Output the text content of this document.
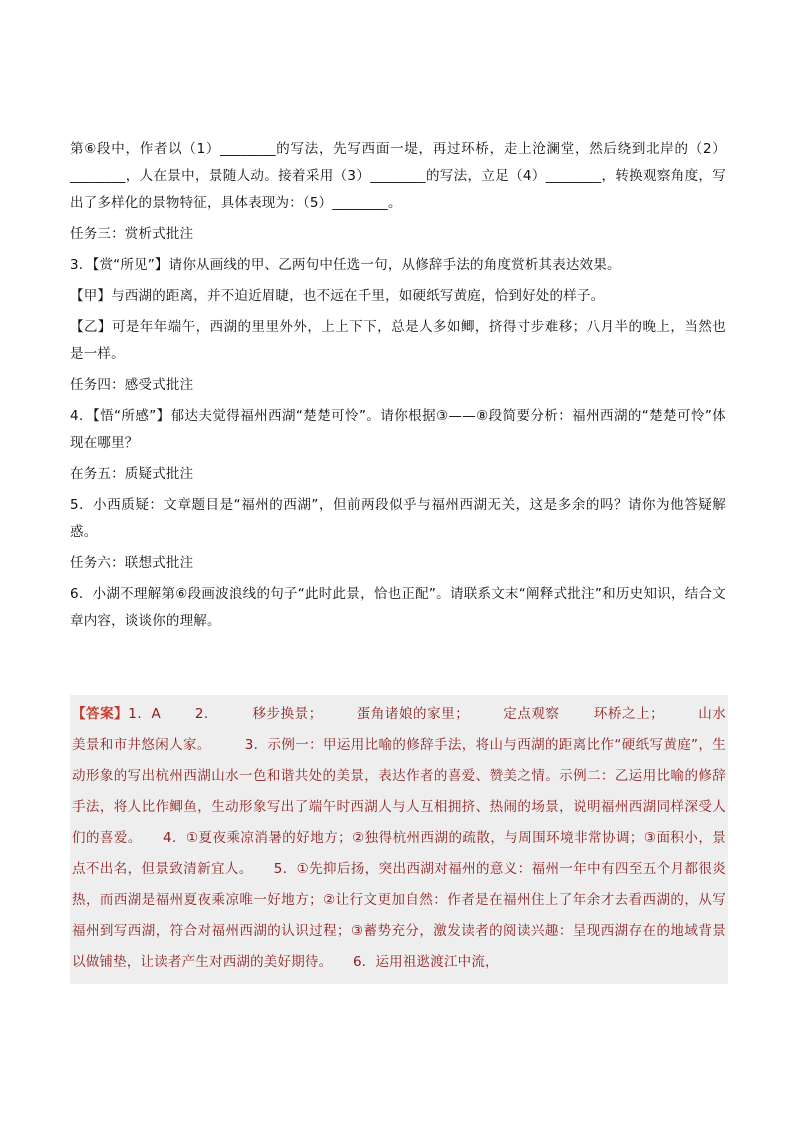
第⑥段中，作者以（1）________的写法，先写西面一堤，再过环桥，走上沧澜堂，然后绕到北岸的（2）________，人在景中，景随人动。接着采用（3）________的写法，立足（4）________，转换观察角度，写出了多样化的景物特征，具体表现为：（5）________。

任务三：赏析式批注

3．【赏“所见”】请你从画线的甲、乙两句中任选一句，从修辞手法的角度赏析其表达效果。

【甲】与西湖的距离，并不迫近眉睫，也不远在千里，如硬纸写黄庭，恰到好处的样子。

【乙】可是年年端午，西湖的里里外外，上上下下，总是人多如鲫，挤得寸步难移；八月半的晚上，当然也是一样。

任务四：感受式批注

4．【悟“所感”】郁达夫觉得福州西湖“楚楚可怜”。请你根据③——⑧段简要分析：福州西湖的“楚楚可怜”体现在哪里？

在务五：质疑式批注

5．小西质疑：文章题目是“福州的西湖”，但前两段似乎与福州西湖无关，这是多余的吗？请你为他答疑解惑。

任务六：联想式批注

6．小湖不理解第⑥段画波浪线的句子“此时此景，恰也正配”。请联系文末“阐释式批注”和历史知识，结合文章内容，谈谈你的理解。

【答案】1．A	2．	移步换景；	蛋角诸娘的家里；	定点观察	环桥之上；	山水美景和市井悠闲人家。	3．示例一：甲运用比喻的修辞手法，将山与西湖的距离比作“硬纸写黄庭”，生动形象的写出杭州西湖山水一色和谐共处的美景，表达作者的喜爱、赞美之情。示例二：乙运用比喻的修辞手法，将人比作鲫鱼，生动形象写出了端午时西湖人与人互相拥挤、热闹的场景，说明福州西湖同样深受人们的喜爱。　　4．①夏夜乘凉消暑的好地方；②独得杭州西湖的疏散，与周围环境非常协调；③面积小，景点不出名，但景致清新宜人。　　5．①先抑后扬，突出西湖对福州的意义：福州一年中有四至五个月都很炎热，而西湖是福州夏夜乘凉唯一好地方；②让行文更加自然：作者是在福州住上了年余才去看西湖的，从写福州到写西湖，符合对福州西湖的认识过程；③蓄势充分，激发读者的阅读兴趣：呈现西湖存在的地域背景以做铺垫，让读者产生对西湖的美好期待。　　6．运用祖逖渡江中流，
